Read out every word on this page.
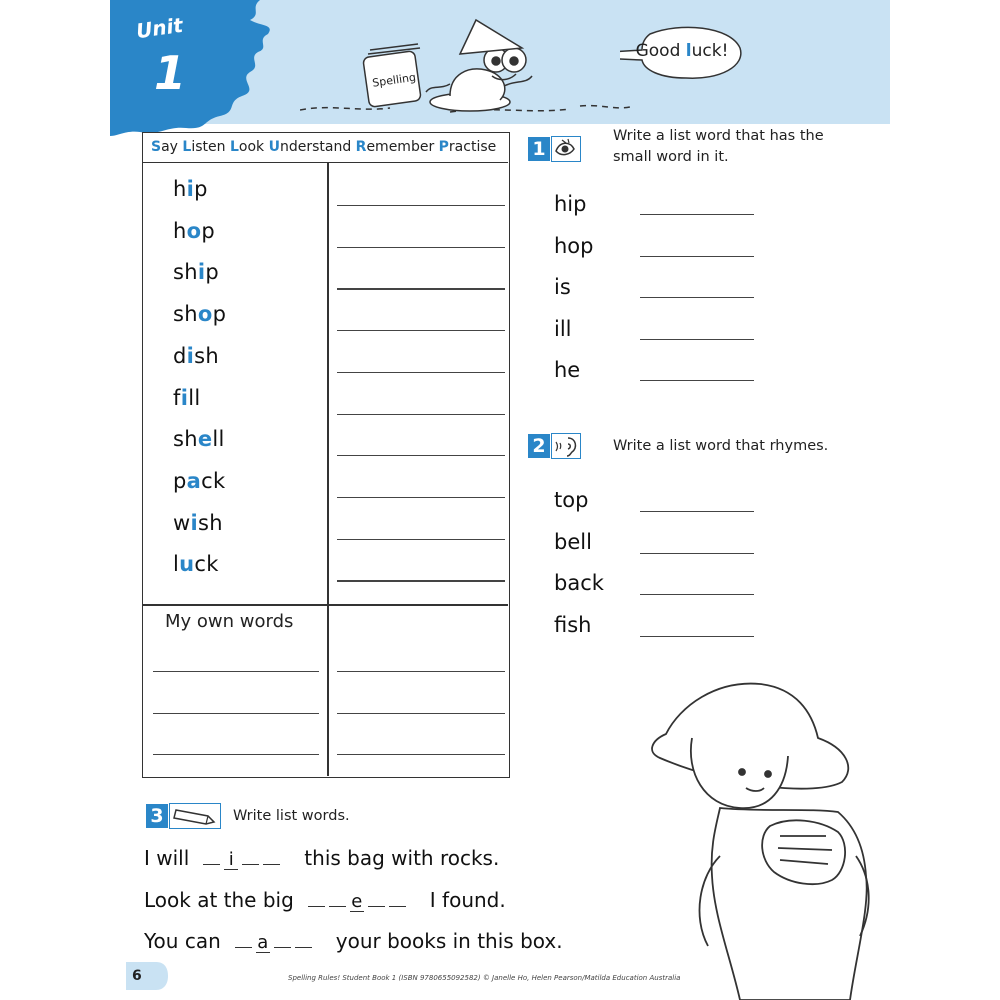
Unit
1	Spelling
Good luck!
Say Listen Look Understand Remember Practise
hip
hop
ship
shop
dish
fill
shell
pack
wish
luck
My own words
1
Write a list word that has the
small word in it.
hip
hop
is
ill
he
2	Write a list word that rhymes.
top
bell
back
fish
3	Write list words.
I will i	this bag with rocks.
Look at the big	e	I found.
You can a	your books in this box.
6	Spelling Rules! Student Book 1 (ISBN 9780655092582) © Janelle Ho, Helen Pearson/Matilda Education Australia
